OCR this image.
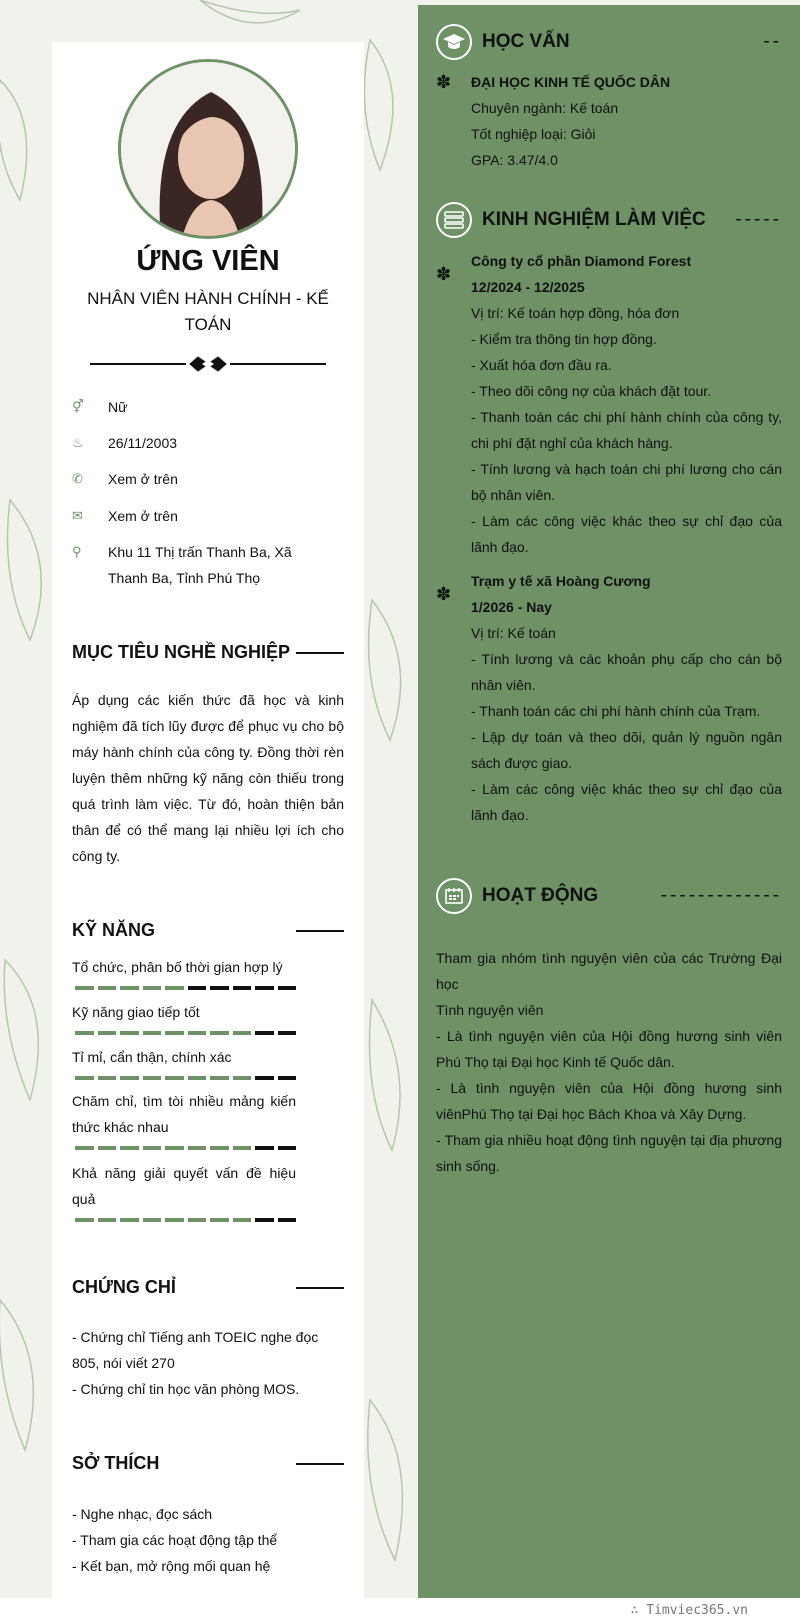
ỨNG VIÊN
NHÂN VIÊN HÀNH CHÍNH - KẾ TOÁN
⚥	Nữ
♨	26/11/2003
✆	Xem ở trên
✉	Xem ở trên
⚲	Khu 11 Thị trấn Thanh Ba, Xã Thanh Ba, Tỉnh Phú Thọ
MỤC TIÊU NGHỀ NGHIỆP
Áp dụng các kiến thức đã học và kinh nghiệm đã tích lũy được để phục vụ cho bộ máy hành chính của công ty. Đồng thời rèn luyện thêm những kỹ năng còn thiếu trong quá trình làm việc. Từ đó, hoàn thiện bản thân để có thể mang lại nhiều lợi ích cho công ty.
KỸ NĂNG
Tổ chức, phân bố thời gian hợp lý
Kỹ năng giao tiếp tốt
Tỉ mỉ, cẩn thận, chính xác
Chăm chỉ, tìm tòi nhiều mảng kiến thức khác nhau
Khả năng giải quyết vấn đề hiệu quả
CHỨNG CHỈ
- Chứng chỉ Tiếng anh TOEIC nghe đọc 805, nói viết 270
- Chứng chỉ tin học văn phòng MOS.
SỞ THÍCH
- Nghe nhạc, đọc sách
- Tham gia các hoạt động tập thể
- Kết bạn, mở rộng mối quan hệ
HỌC VẤN	--
✽ ĐẠI HỌC KINH TẾ QUỐC DÂN
Chuyên ngành: Kế toán
Tốt nghiệp loại: Giỏi
GPA: 3.47/4.0
KINH NGHIỆM LÀM VIỆC	-----
✽
Công ty cổ phần Diamond Forest
12/2024 - 12/2025
Vị trí: Kế toán hợp đồng, hóa đơn
- Kiểm tra thông tin hợp đồng.
- Xuất hóa đơn đầu ra.
- Theo dõi công nợ của khách đặt tour.
- Thanh toán các chi phí hành chính của công ty, chi phí đặt nghỉ của khách hàng.
- Tính lương và hạch toán chi phí lương cho cán bộ nhân viên.
- Làm các công việc khác theo sự chỉ đạo của lãnh đạo.
✽
Trạm y tế xã Hoàng Cương
1/2026 - Nay
Vị trí: Kế toán
- Tính lương và các khoản phụ cấp cho cán bộ nhân viên.
- Thanh toán các chi phí hành chính của Trạm.
- Lập dự toán và theo dõi, quản lý nguồn ngân sách được giao.
- Làm các công việc khác theo sự chỉ đạo của lãnh đạo.
HOẠT ĐỘNG	-------------
Tham gia nhóm tình nguyện viên của các Trường Đại học
Tình nguyện viên
- Là tình nguyện viên của Hội đồng hương sinh viên Phú Thọ tại Đại học Kinh tế Quốc dân.
- Là tình nguyện viên của Hội đồng hương sinh viênPhú Thọ tại Đại học Bách Khoa và Xây Dựng.
- Tham gia nhiều hoạt động tình nguyện tại địa phương sinh sống.
∴ Timviec365.vn
